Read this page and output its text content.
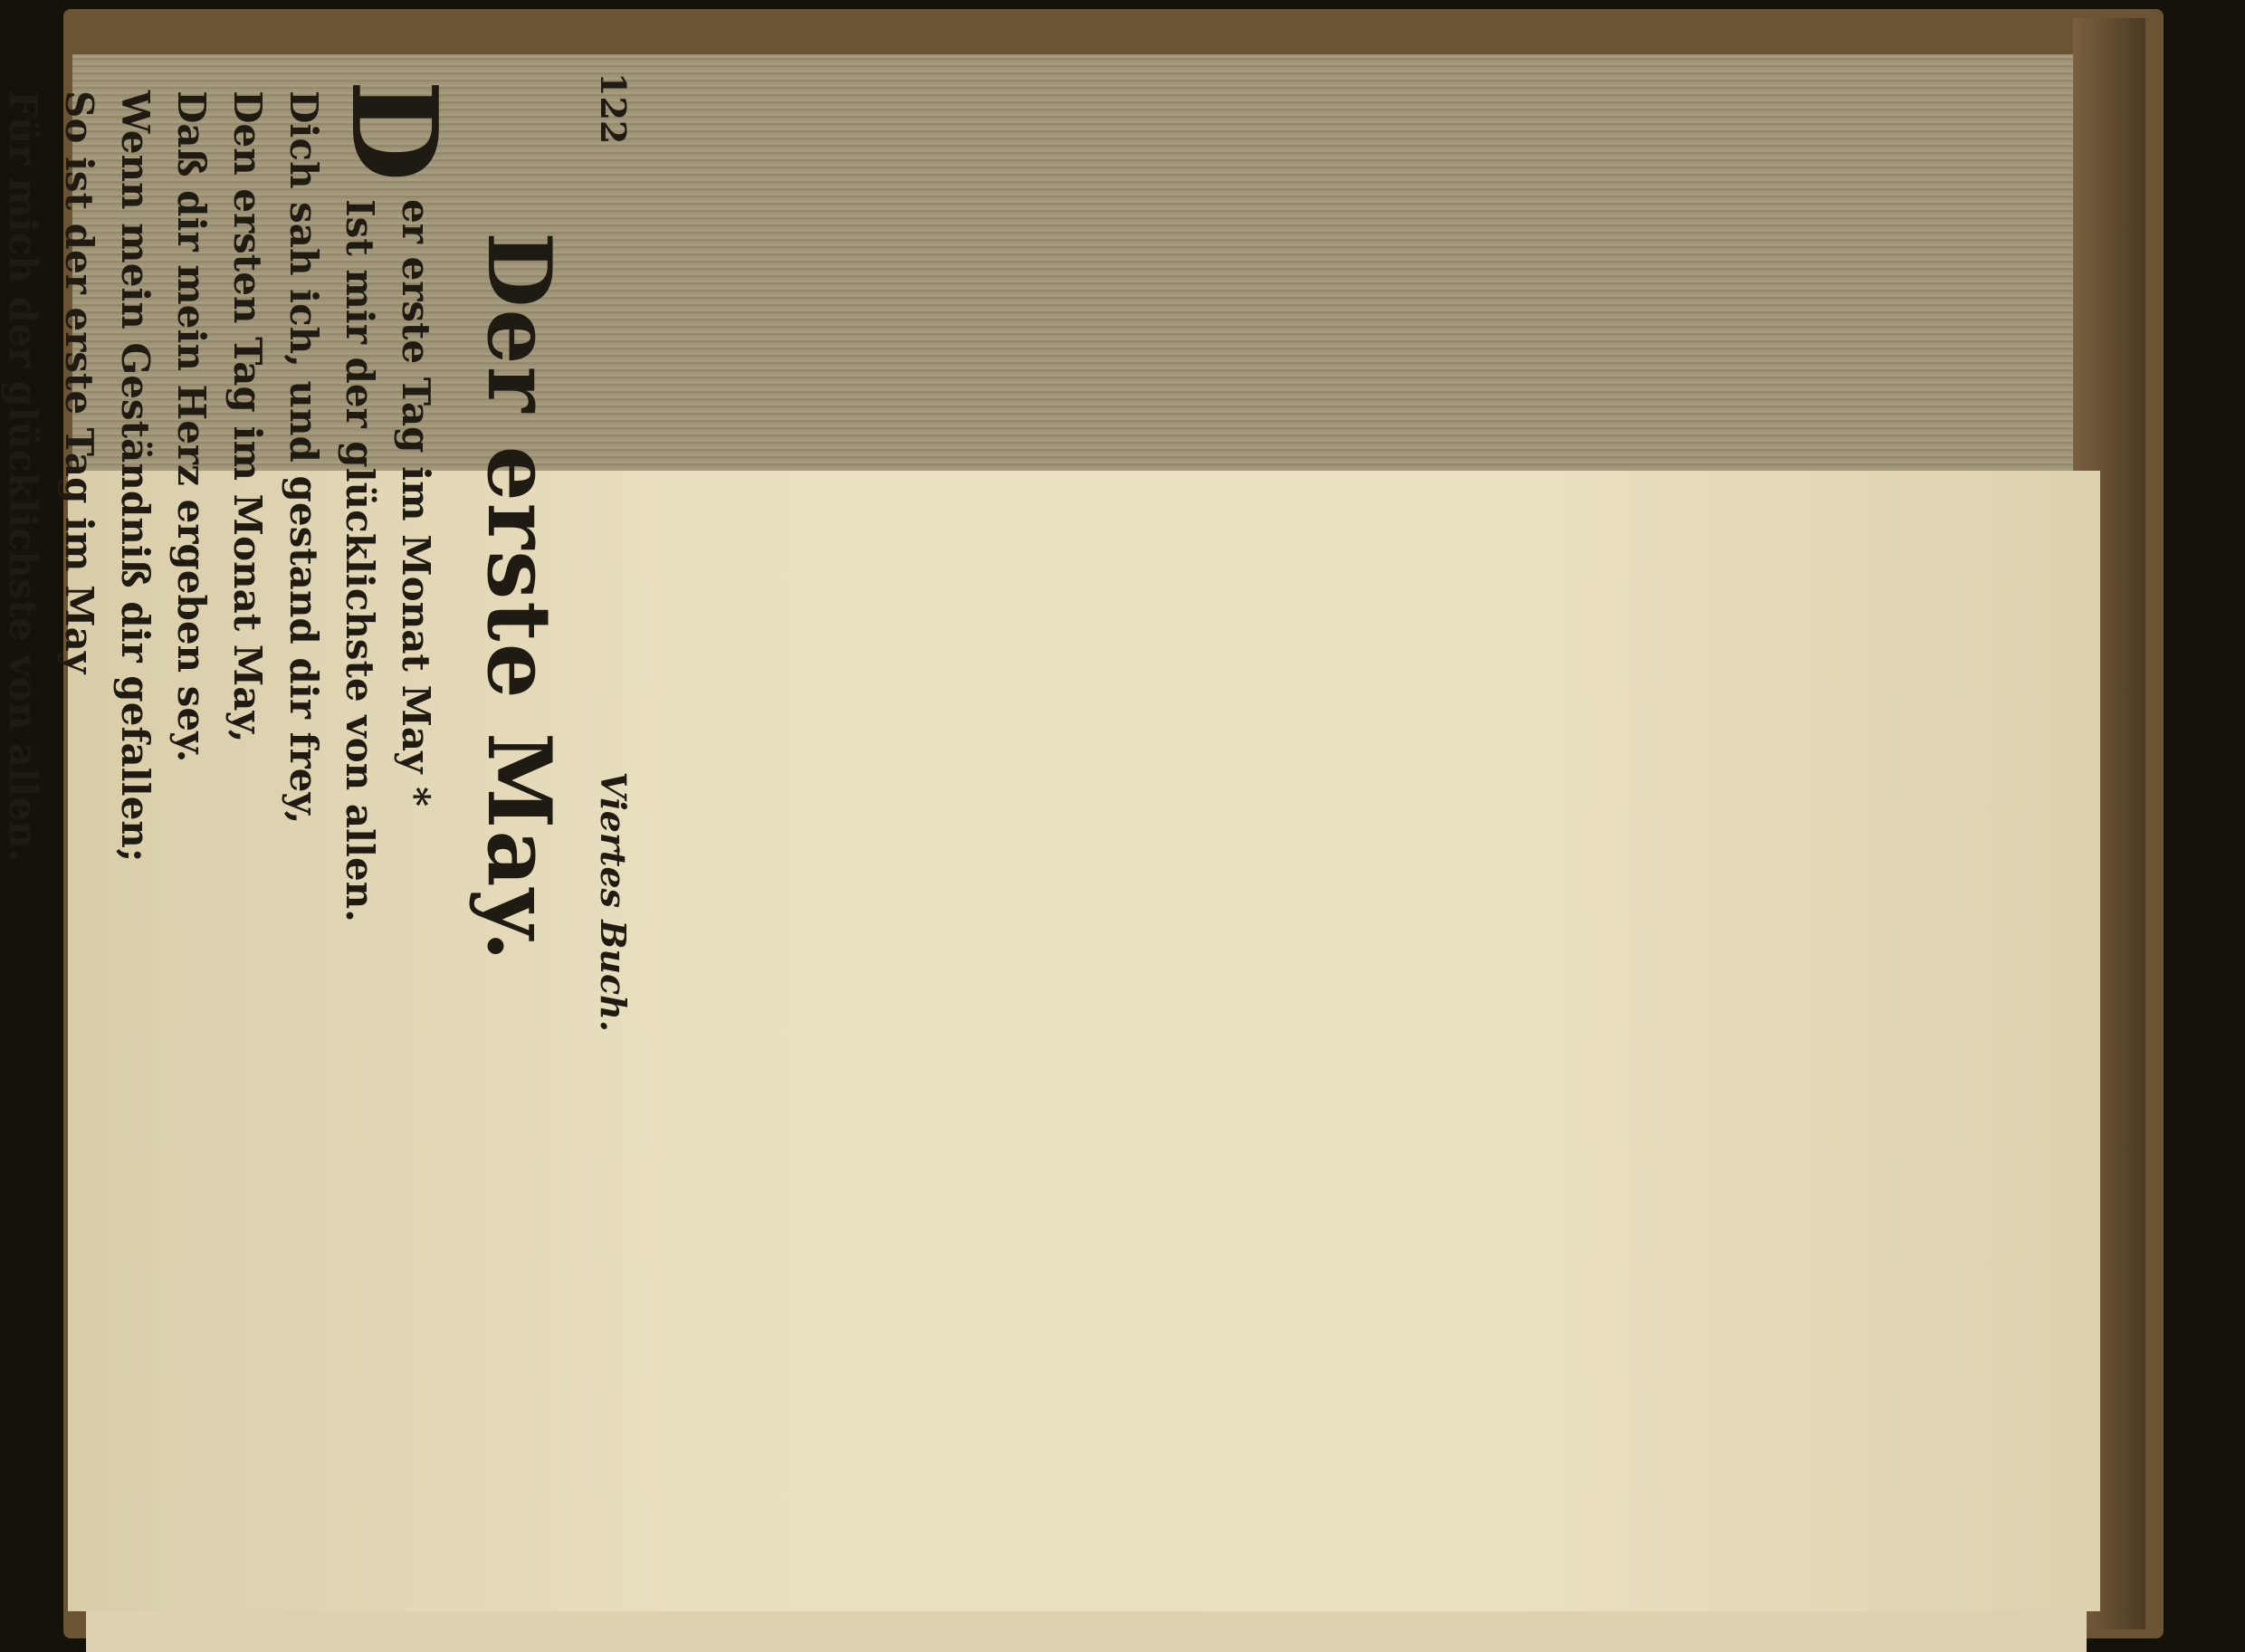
122
Viertes Buch.
Der erste May.
D
er erste Tag im Monat May *
Ist mir der glücklichste von allen.
Dich sah ich, und gestand dir frey,
Den ersten Tag im Monat May,
Daß dir mein Herz ergeben sey.
Wenn mein Geständniß dir gefallen;
So ist der erste Tag im May
Für mich der glücklichste von allen.
